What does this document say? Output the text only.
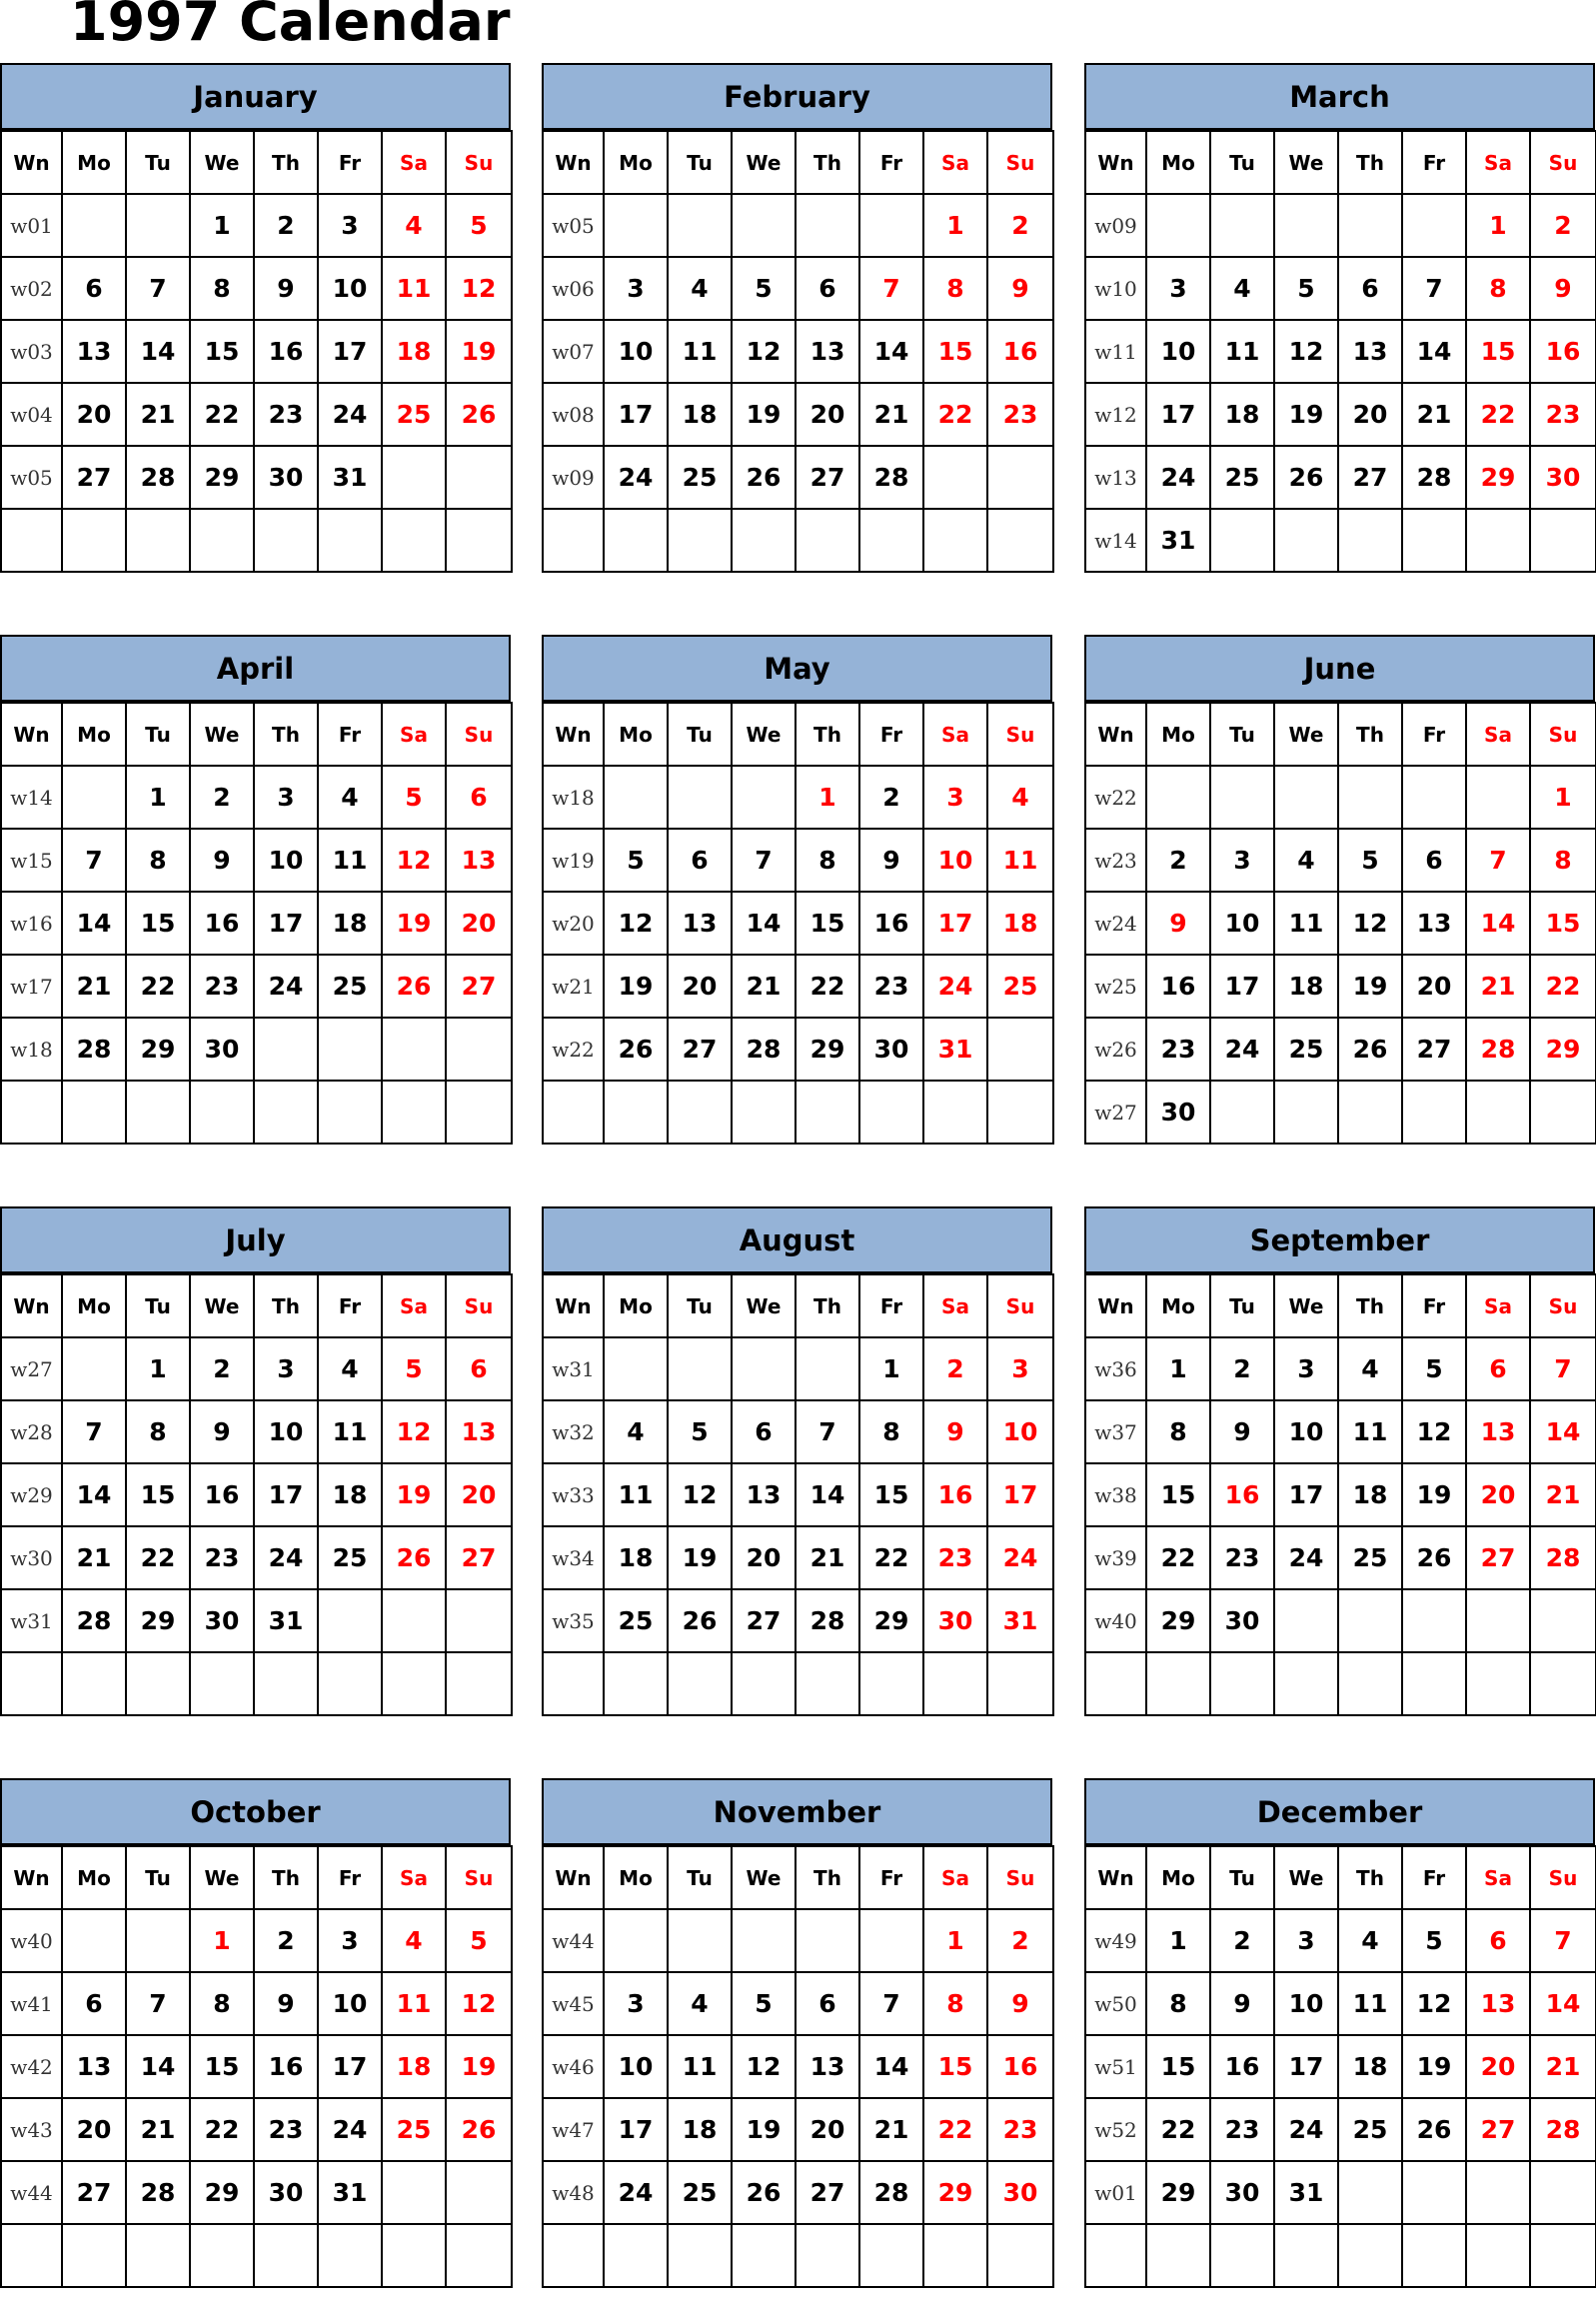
1997 Calendar
January
Wn	Mo	Tu	We	Th	Fr	Sa	Su
w01			1	2	3	4	5
w02	6	7	8	9	10	11	12
w03	13	14	15	16	17	18	19
w04	20	21	22	23	24	25	26
w05	27	28	29	30	31		

February
Wn	Mo	Tu	We	Th	Fr	Sa	Su
w05						1	2
w06	3	4	5	6	7	8	9
w07	10	11	12	13	14	15	16
w08	17	18	19	20	21	22	23
w09	24	25	26	27	28		

March
Wn	Mo	Tu	We	Th	Fr	Sa	Su
w09						1	2
w10	3	4	5	6	7	8	9
w11	10	11	12	13	14	15	16
w12	17	18	19	20	21	22	23
w13	24	25	26	27	28	29	30
w14	31						
April
Wn	Mo	Tu	We	Th	Fr	Sa	Su
w14		1	2	3	4	5	6
w15	7	8	9	10	11	12	13
w16	14	15	16	17	18	19	20
w17	21	22	23	24	25	26	27
w18	28	29	30				

May
Wn	Mo	Tu	We	Th	Fr	Sa	Su
w18				1	2	3	4
w19	5	6	7	8	9	10	11
w20	12	13	14	15	16	17	18
w21	19	20	21	22	23	24	25
w22	26	27	28	29	30	31	

June
Wn	Mo	Tu	We	Th	Fr	Sa	Su
w22							1
w23	2	3	4	5	6	7	8
w24	9	10	11	12	13	14	15
w25	16	17	18	19	20	21	22
w26	23	24	25	26	27	28	29
w27	30						
July
Wn	Mo	Tu	We	Th	Fr	Sa	Su
w27		1	2	3	4	5	6
w28	7	8	9	10	11	12	13
w29	14	15	16	17	18	19	20
w30	21	22	23	24	25	26	27
w31	28	29	30	31			

August
Wn	Mo	Tu	We	Th	Fr	Sa	Su
w31					1	2	3
w32	4	5	6	7	8	9	10
w33	11	12	13	14	15	16	17
w34	18	19	20	21	22	23	24
w35	25	26	27	28	29	30	31

September
Wn	Mo	Tu	We	Th	Fr	Sa	Su
w36	1	2	3	4	5	6	7
w37	8	9	10	11	12	13	14
w38	15	16	17	18	19	20	21
w39	22	23	24	25	26	27	28
w40	29	30					

October
Wn	Mo	Tu	We	Th	Fr	Sa	Su
w40			1	2	3	4	5
w41	6	7	8	9	10	11	12
w42	13	14	15	16	17	18	19
w43	20	21	22	23	24	25	26
w44	27	28	29	30	31		

November
Wn	Mo	Tu	We	Th	Fr	Sa	Su
w44						1	2
w45	3	4	5	6	7	8	9
w46	10	11	12	13	14	15	16
w47	17	18	19	20	21	22	23
w48	24	25	26	27	28	29	30

December
Wn	Mo	Tu	We	Th	Fr	Sa	Su
w49	1	2	3	4	5	6	7
w50	8	9	10	11	12	13	14
w51	15	16	17	18	19	20	21
w52	22	23	24	25	26	27	28
w01	29	30	31				
